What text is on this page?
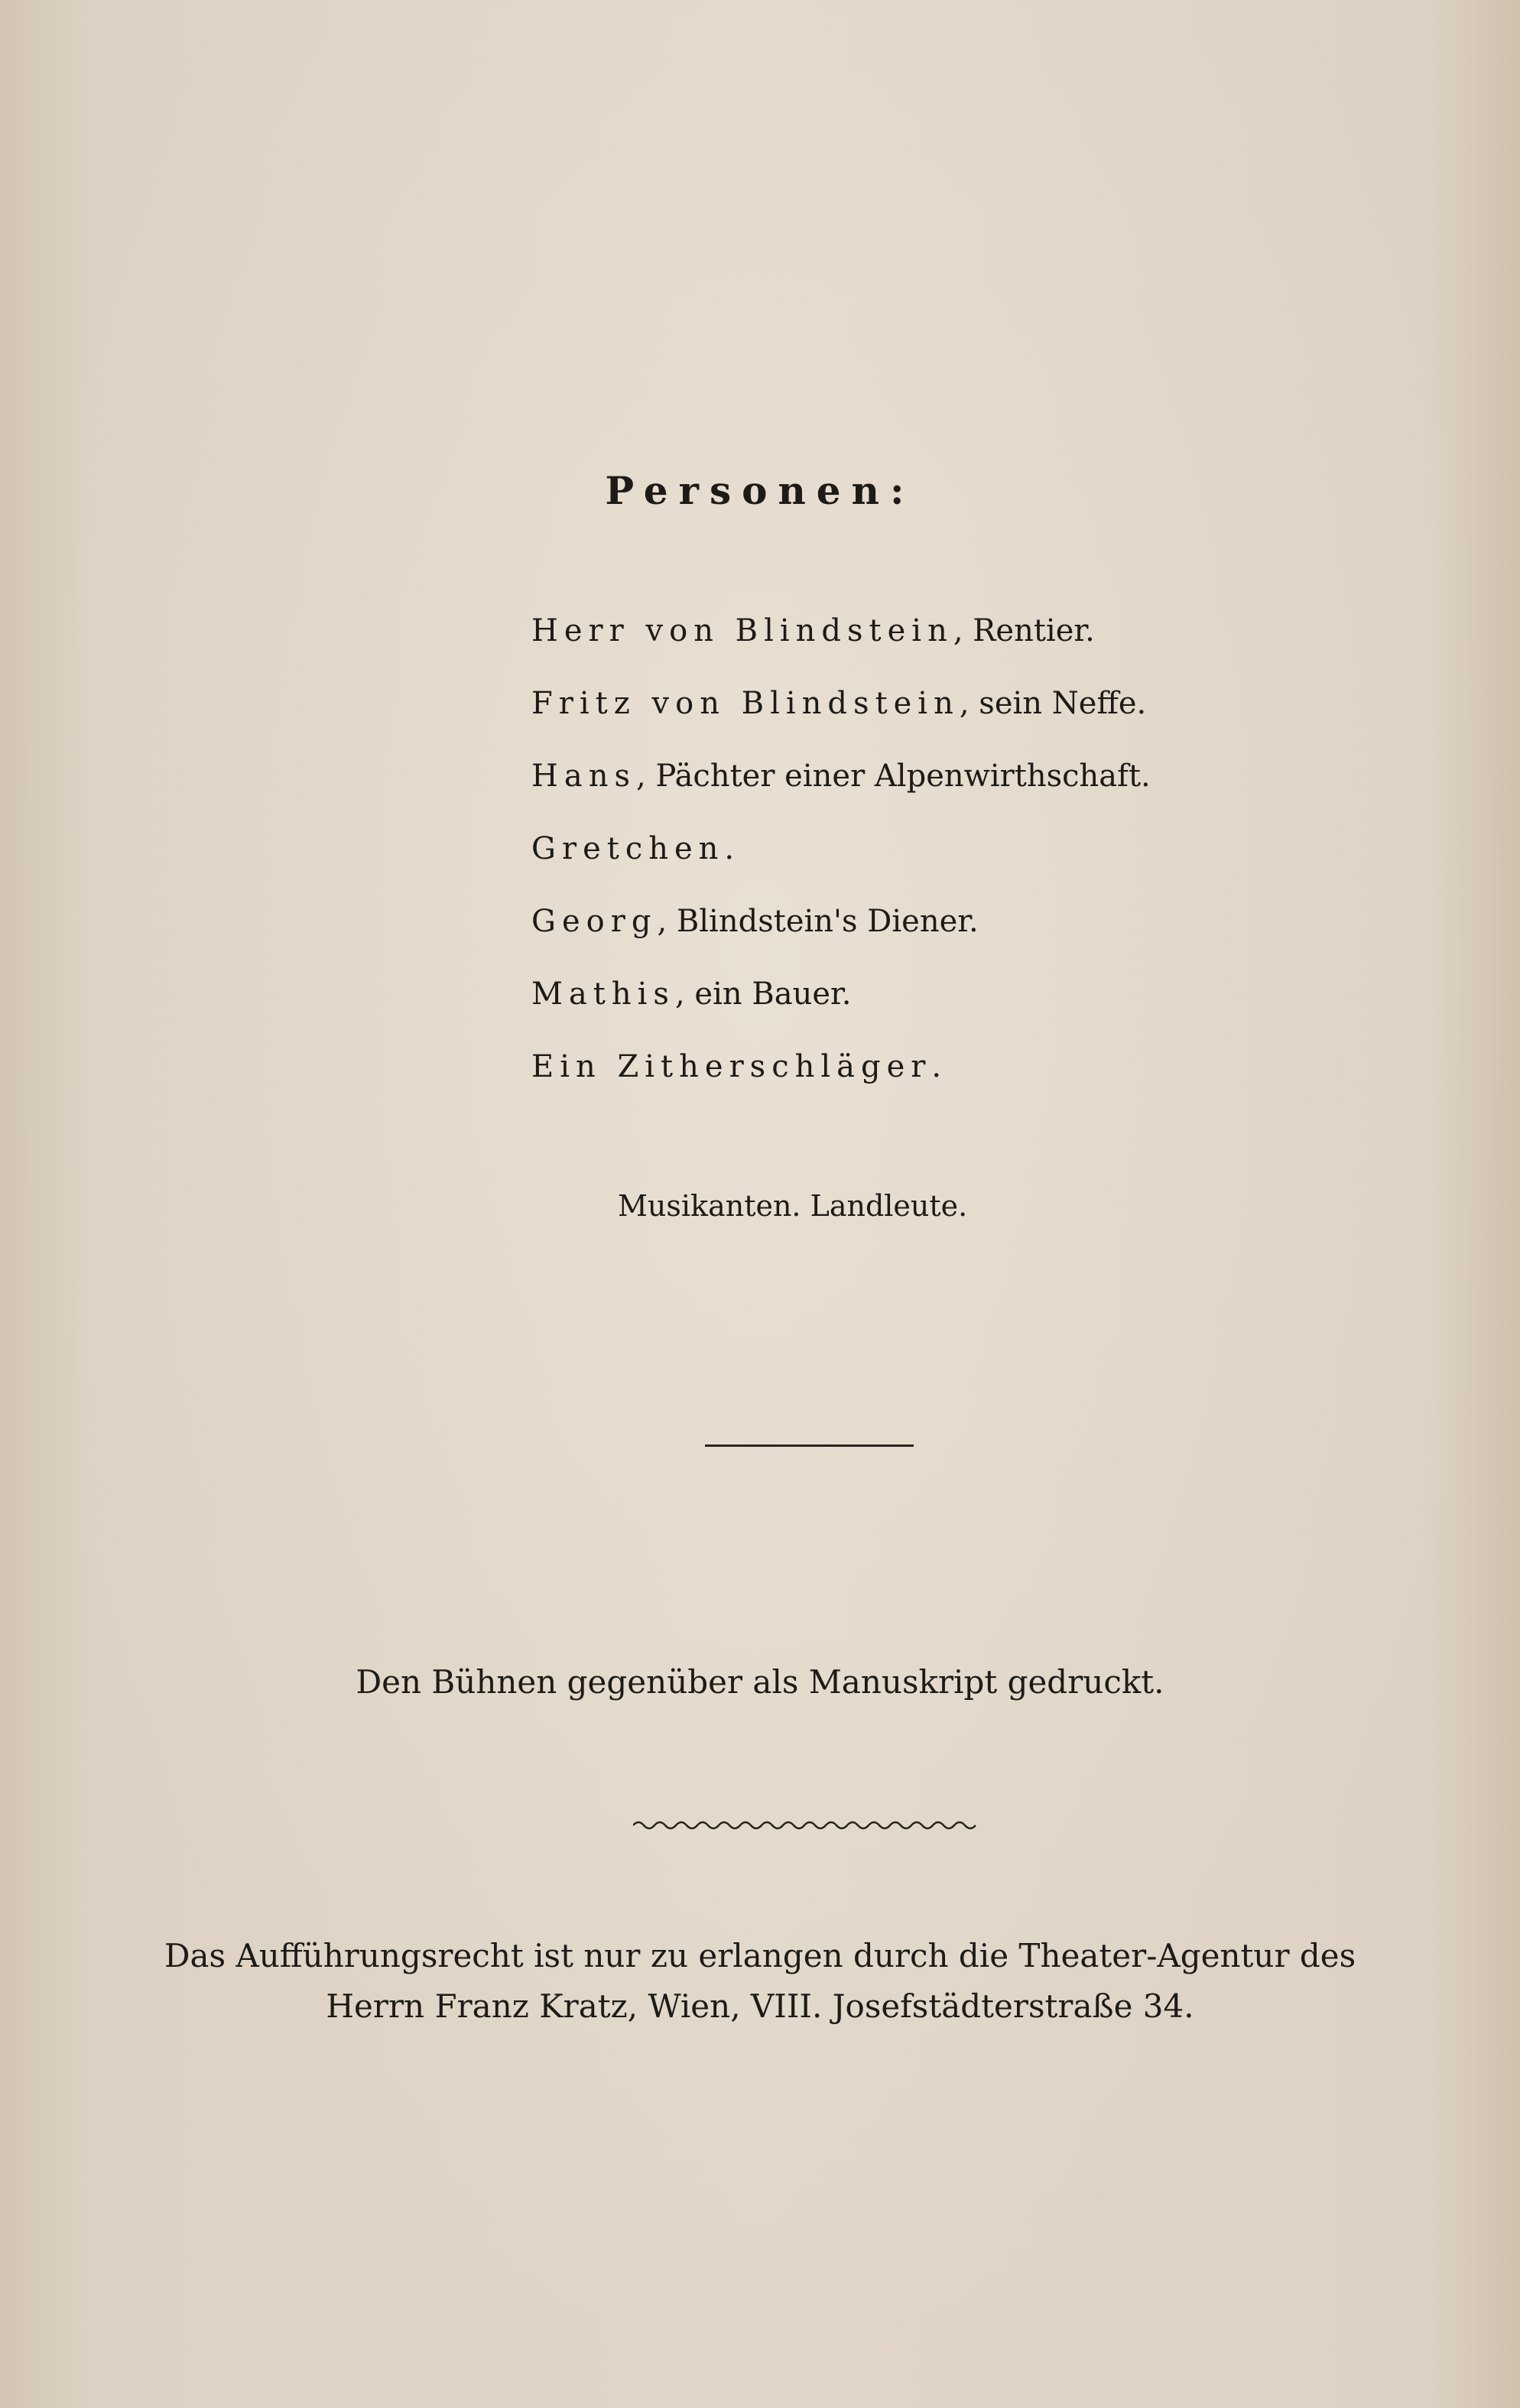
Personen:
Herr von Blindstein, Rentier.
Fritz von Blindstein, sein Neffe.
Hans, Pächter einer Alpenwirthschaft.
Gretchen.
Georg, Blindstein's Diener.
Mathis, ein Bauer.
Ein Zitherschläger.
Musikanten. Landleute.
Den Bühnen gegenüber als Manuskript gedruckt.
Das Aufführungsrecht ist nur zu erlangen durch die Theater-Agentur des
Herrn Franz Kratz, Wien, VIII. Josefstädterstraße 34.
